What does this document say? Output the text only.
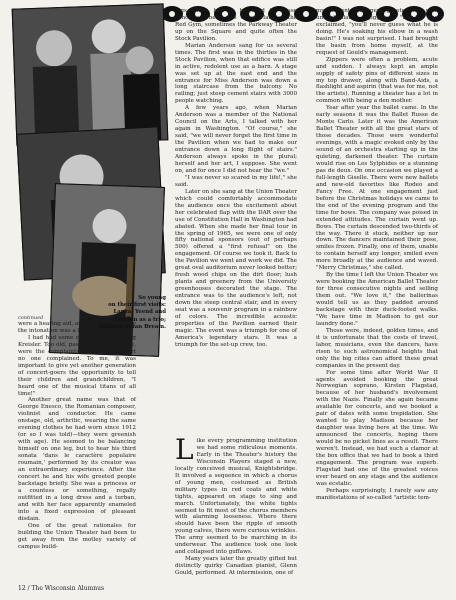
So young
on their first visits:
Lanza, Yeend and
London as a trio;
lutenist Julian Bream.
continued

were a hearing aid, and thus occasionally the intonation was a little off.

I had had some criticism for booking Kreisler. Too old, past his musical prime, were the complaints. After the concert no one complained. To me, it was important to give yet another generation of concert-goers the opportunity to tell their children and grandchildren, "I heard one of the musical titans of all time!"

Another great name was that of George Enesco, the Romanian composer, violinist and conductor. He came onstage, old, arthritic, wearing the same evening clothes he had worn since 1912 (or so I was told)—they were greenish with age). He seemed to be balancing himself on one leg, but to hear his third sonata 'dans le caractère populaire roumain,' performed by its creator was an extraordinary experience. After the concert he and his wife greeted people backstage briefly. She was a princess or a countess or something, regally outfitted in a long dress and a turban, and with her face apparently enameled into a fixed expression of pleasant disdain.

One of the great rationales for building the Union Theater had been to get away from the motley variety of campus build-

ings which had to be used to house concerts. There was Great Hall, or the Red Gym, sometimes the Parkway Theater up on the Square and quite often the Stock Pavilion.

Marian Anderson sang for us several times. The first was in the thirties in the Stock Pavilion, when that edifice was still in active, redolent use as a barn. A stage was set up at the east end and the entrance for Miss Anderson was down a long staircase from the balcony. No railing; just steep cement stairs with 3000 people watching.

A few years ago, when Marian Anderson was a member of the National Council on the Arts, I talked with her again in Washington. "Of course," she said, "we will never forget the first time in the Pavilion when we had to make our entrance down a long flight of stairs." Anderson always spoke in the plural; herself and her art, I suppose. She went on, and for once I did not hear the "we."

"I was never so scared in my life!," she said.

Later on she sang at the Union Theater which could comfortably accommodate the audience once the excitement about her celebrated flap with the DAR over the use of Constitution Hall in Washington had abated. When she made her final tour in the spring of 1965, we were one of only fifty national sponsors (out of perhaps 500) offered a "first refusal" on the engagement. Of course we took it. Back to the Pavilion we went and work we did. The great oval auditorium never looked better; fresh wood chips on the dirt floor; lush plants and greenery from the University greenhouses decorated the stage. The entrance was to the audience's left, not down the steep central stair, and in every seat was a souvenir program in a rainbow of colors. The incredible acoustic properties of the Pavilion earned their magic. The event was a triumph for one of America's legendary stars. It was a triumph for the set-up crew, too.

L ike every programming institution we had some ridiculous moments. Early in the Theater's history the Wisconsin Players staged a new, locally conceived musical, Knightsbridge. It involved a sequence in which a chorus of young men, costumed as British military types in red coats and white tights, appeared on stage to sing and march. Unfortunately, the white tights seemed to fit most of the chorus members with alarming looseness. Where there should have been the ripple of smooth young calves, there were curious wrinkles. The army seemed to be marching in its underwear. The audience took one look and collapsed into guffaws.

Many years later the greatly gifted but distinctly quirky Canadian pianist, Glenn Gould, performed. At intermission, one of

my student managers greeted me with uncontrollable giggles. "Fun," she exclaimed, "you'll never guess what he is doing. He's soaking his elbow in a wash basin!" I was not surprised. I had brought the basin from home myself, at the request of Gould's management.

Zippers were often a problem, acute and sudden. I always kept an ample supply of safety pins of different sizes in my top drawer, along with Band-Aids, a flashlight and aspirin (that was for me, not the artists). Running a theater has a lot in common with being a den mother.

Year after year the ballet came. In the early seasons it was the Ballet Russe de Monte Carlo. Later it was the American Ballet Theater with all the great stars of those decades. Those were wonderful evenings, with a magic evoked only by the sound of an orchestra starting up in the quieting, darkened theater. The curtain would rise on Les Sylphides or a stunning pas de deux. On one occasion we played a full-length Giselle. There were new ballets and new-old favorites like Rodeo and Fancy Free. At one engagement just before the Christmas holidays we came to the end of the evening program and the time for bows. The company was poised in extended attitudes. The curtain went up. Bows. The curtain descended two-thirds of the way. There it stuck, neither up nor down. The dancers maintained their pose, smiles frozen. Finally, one of them, unable to contain herself any longer, smiled even more broadly at the audience and waved. "Merry Christmas," she called.

By the time I left the Union Theater we were booking the American Ballet Theater for three consecutive nights and selling them out. "We love it," the ballerinas would tell us as they padded around backstage with their duck-footed walks. "We have time in Madison to get our laundry done."

Those were, indeed, golden times, and it is unfortunate that the costs of travel, labor, musicians, even the dancers, have risen to such astronomical heights that only the big cities can afford these great companies in the present day.

For some time after World War II agents avoided booking the great Norwegian soprano, Kirsten Flagstad, because of her husband's involvement with the Nazis. Finally she again became available for concerts, and we booked a pair of dates with some trepidation. She wanted to play Madison because her daughter was living here at the time. We announced the concerts, hoping there would be no picket lines as a result. There weren't. Instead, we had such a clamor at the box office that we had to book a third engagement. The program was superb. Flagstad had one of the greatest voices ever heard on any stage and the audience was ecstatic.

Perhaps surprisingly, I rarely saw any manifestations of so-called "artistic tem-

12 / The Wisconsin Alumnus
